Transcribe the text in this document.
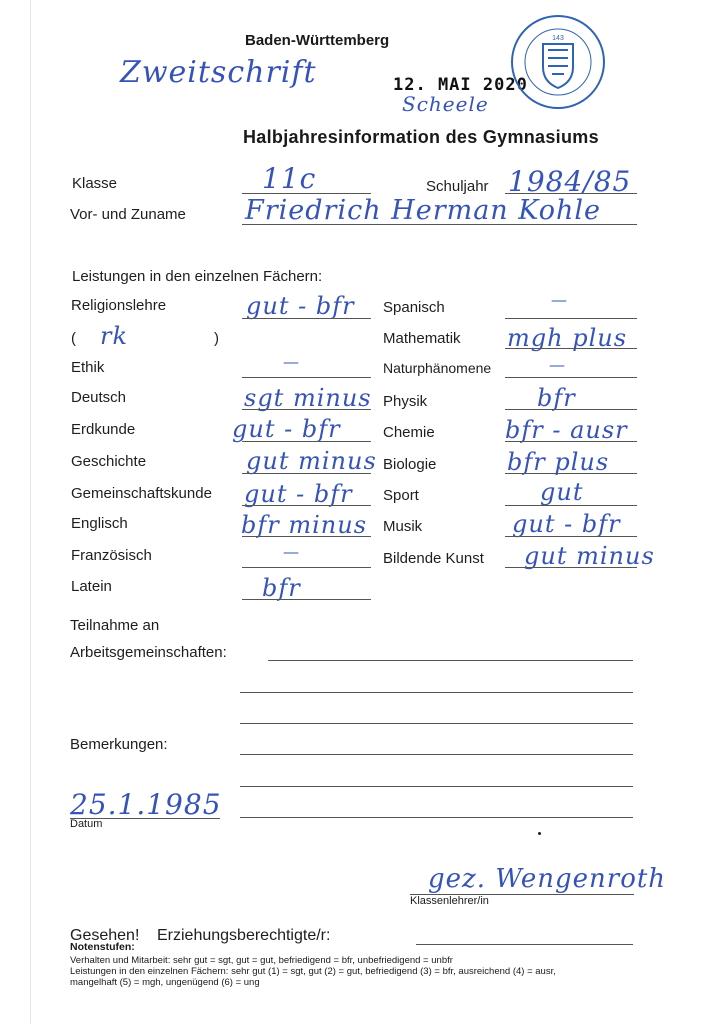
Baden-Württemberg
Zweitschrift	12. MAI 2020
Scheele
143
Halbjahresinformation des Gymnasiums
Klasse	11c	Schuljahr 1984/85
Vor- und Zuname Friedrich Herman Kohle
Leistungen in den einzelnen Fächern:
Religionslehre	gut - bfr
( rk	)
Ethik	—
Deutsch	sgt minus
Erdkunde	gut - bfr
Geschichte	gut minus
Gemeinschaftskunde gut - bfr
Englisch	bfr minus
Französisch	—
Latein	bfr
Spanisch	—
Mathematik mgh plus
Naturphänomene	—
Physik	bfr
Chemie	bfr - ausr
Biologie	bfr plus
Sport	gut
Musik	gut - bfr
Bildende Kunst gut minus
Teilnahme an
Arbeitsgemeinschaften:
Bemerkungen:
25.1.1985
Datum
gez. Wengenroth
Klassenlehrer/in
Gesehen! Erziehungsberechtigte/r:
Notenstufen:
Verhalten und Mitarbeit: sehr gut = sgt, gut = gut, befriedigend = bfr, unbefriedigend = unbfr
Leistungen in den einzelnen Fächern: sehr gut (1) = sgt, gut (2) = gut, befriedigend (3) = bfr, ausreichend (4) = ausr,
mangelhaft (5) = mgh, ungenügend (6) = ung
